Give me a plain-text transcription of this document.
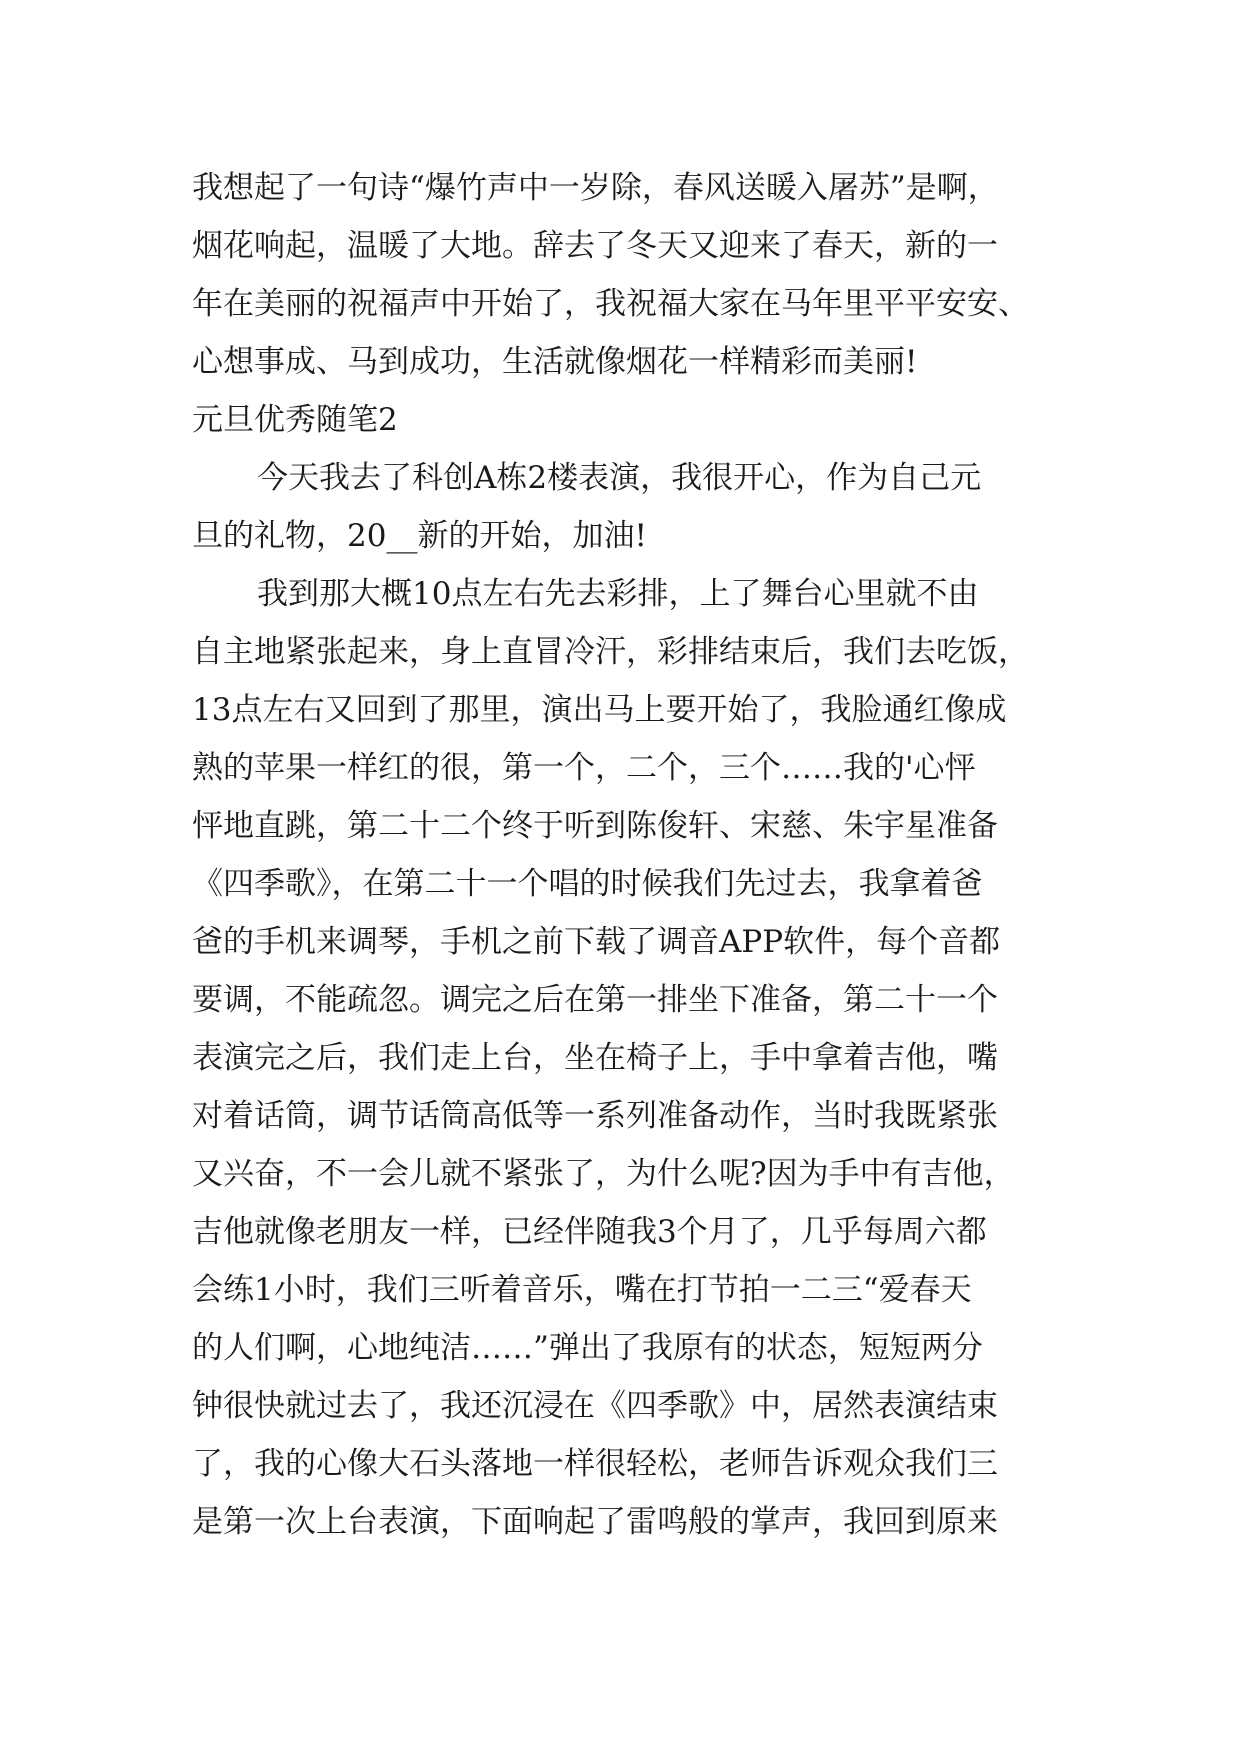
我想起了一句诗“爆竹声中一岁除，春风送暖入屠苏”是啊，
烟花响起，温暖了大地。辞去了冬天又迎来了春天，新的一
年在美丽的祝福声中开始了，我祝福大家在马年里平平安安、
心想事成、马到成功，生活就像烟花一样精彩而美丽!
元旦优秀随笔2
今天我去了科创A栋2楼表演，我很开心，作为自己元
旦的礼物，20__新的开始，加油!
我到那大概10点左右先去彩排，上了舞台心里就不由
自主地紧张起来，身上直冒冷汗，彩排结束后，我们去吃饭，
13点左右又回到了那里，演出马上要开始了，我脸通红像成
熟的苹果一样红的很，第一个，二个，三个……我的'心怦
怦地直跳，第二十二个终于听到陈俊轩、宋慈、朱宇星准备
《四季歌》，在第二十一个唱的时候我们先过去，我拿着爸
爸的手机来调琴，手机之前下载了调音APP软件，每个音都
要调，不能疏忽。调完之后在第一排坐下准备，第二十一个
表演完之后，我们走上台，坐在椅子上，手中拿着吉他，嘴
对着话筒，调节话筒高低等一系列准备动作，当时我既紧张
又兴奋，不一会儿就不紧张了，为什么呢?因为手中有吉他，
吉他就像老朋友一样，已经伴随我3个月了，几乎每周六都
会练1小时，我们三听着音乐，嘴在打节拍一二三“爱春天
的人们啊，心地纯洁……”弹出了我原有的状态，短短两分
钟很快就过去了，我还沉浸在《四季歌》中，居然表演结束
了，我的心像大石头落地一样很轻松，老师告诉观众我们三
是第一次上台表演，下面响起了雷鸣般的掌声，我回到原来
